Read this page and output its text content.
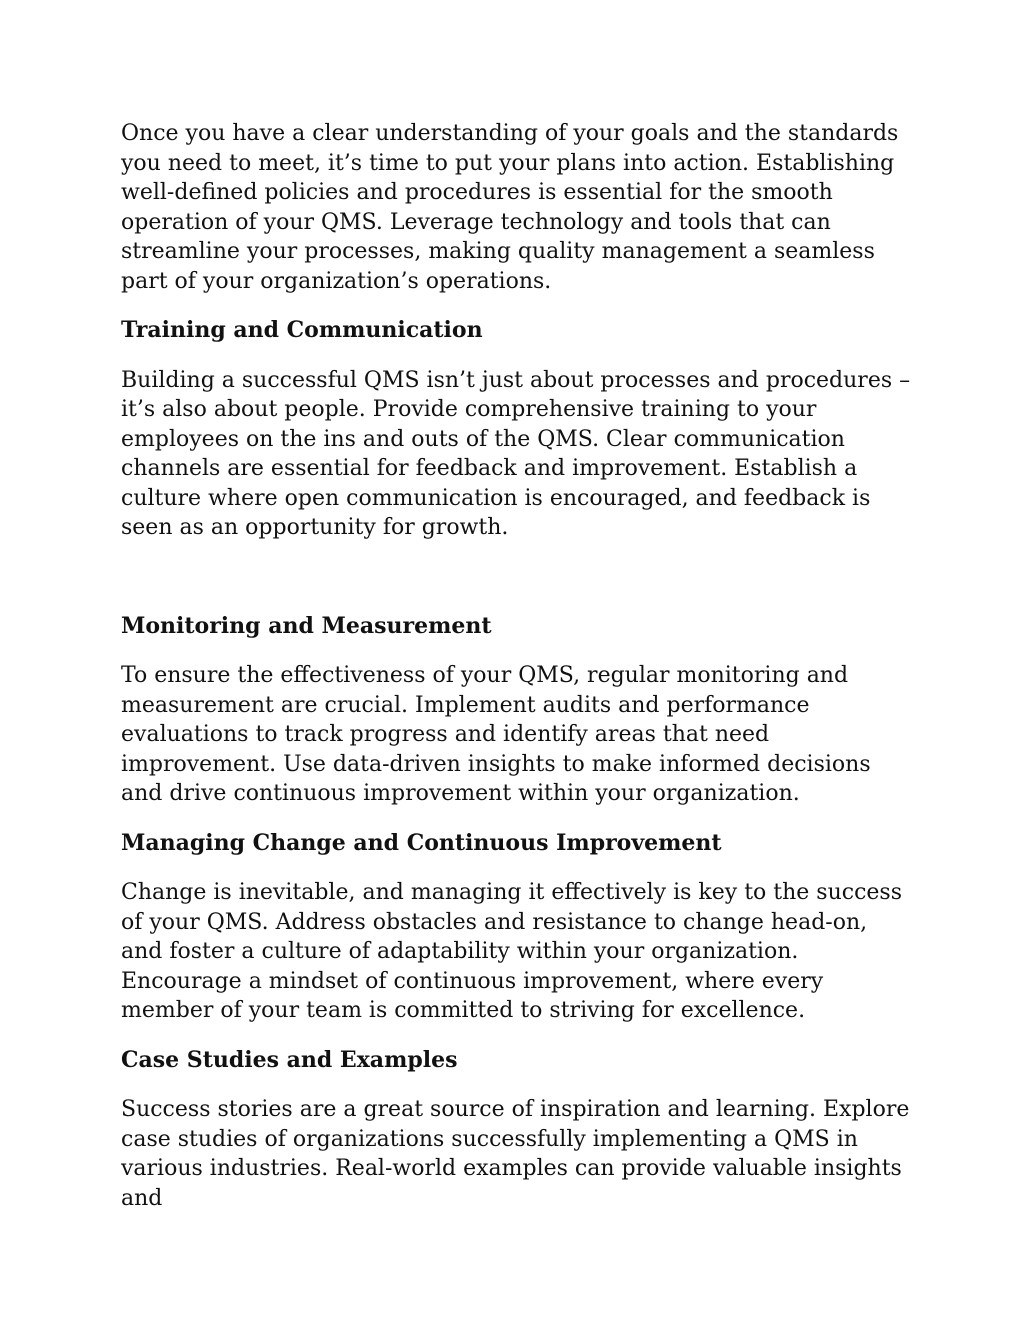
Once you have a clear understanding of your goals and the standards you need to meet, it’s time to put your plans into action. Establishing well-defined policies and procedures is essential for the smooth operation of your QMS. Leverage technology and tools that can streamline your processes, making quality management a seamless part of your organization’s operations.

Training and Communication

Building a successful QMS isn’t just about processes and procedures – it’s also about people. Provide comprehensive training to your employees on the ins and outs of the QMS. Clear communication channels are essential for feedback and improvement. Establish a culture where open communication is encouraged, and feedback is seen as an opportunity for growth.

Monitoring and Measurement

To ensure the effectiveness of your QMS, regular monitoring and measurement are crucial. Implement audits and performance evaluations to track progress and identify areas that need improvement. Use data-driven insights to make informed decisions and drive continuous improvement within your organization.

Managing Change and Continuous Improvement

Change is inevitable, and managing it effectively is key to the success of your QMS. Address obstacles and resistance to change head-on, and foster a culture of adaptability within your organization. Encourage a mindset of continuous improvement, where every member of your team is committed to striving for excellence.

Case Studies and Examples

Success stories are a great source of inspiration and learning. Explore case studies of organizations successfully implementing a QMS in various industries. Real-world examples can provide valuable insights and
